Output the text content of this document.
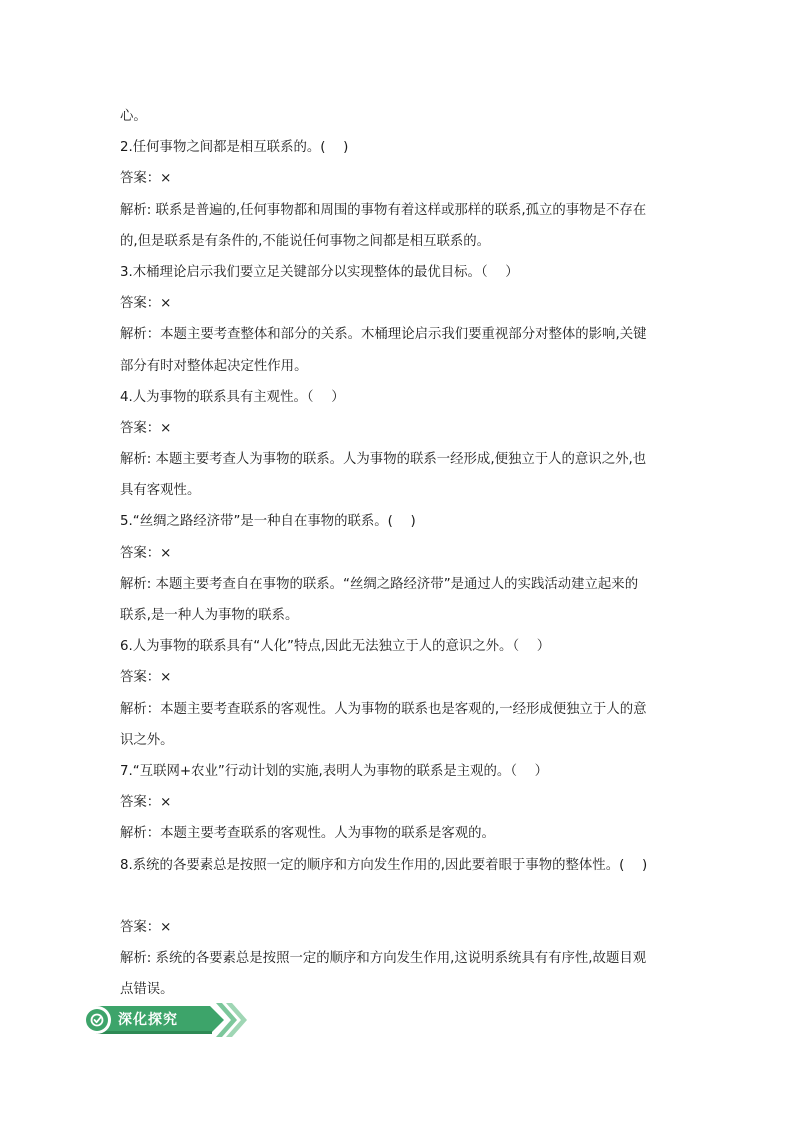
心。
2.任何事物之间都是相互联系的。(　 )
答案：×
解析: 联系是普遍的,任何事物都和周围的事物有着这样或那样的联系,孤立的事物是不存在
的,但是联系是有条件的,不能说任何事物之间都是相互联系的。
3.木桶理论启示我们要立足关键部分以实现整体的最优目标。（　 ）
答案：×
解析：本题主要考查整体和部分的关系。木桶理论启示我们要重视部分对整体的影响,关键
部分有时对整体起决定性作用。
4.人为事物的联系具有主观性。（　 ）
答案：×
解析: 本题主要考查人为事物的联系。人为事物的联系一经形成,便独立于人的意识之外,也
具有客观性。
5.“丝绸之路经济带”是一种自在事物的联系。(　 )
答案：×
解析: 本题主要考查自在事物的联系。“丝绸之路经济带”是通过人的实践活动建立起来的
联系,是一种人为事物的联系。
6.人为事物的联系具有“人化”特点,因此无法独立于人的意识之外。（　 ）
答案：×
解析：本题主要考查联系的客观性。人为事物的联系也是客观的,一经形成便独立于人的意
识之外。
7.“互联网+农业”行动计划的实施,表明人为事物的联系是主观的。（　 ）
答案：×
解析：本题主要考查联系的客观性。人为事物的联系是客观的。
8.系统的各要素总是按照一定的顺序和方向发生作用的,因此要着眼于事物的整体性。(　 )
答案：×
解析: 系统的各要素总是按照一定的顺序和方向发生作用,这说明系统具有有序性,故题目观
点错误。
深化探究
